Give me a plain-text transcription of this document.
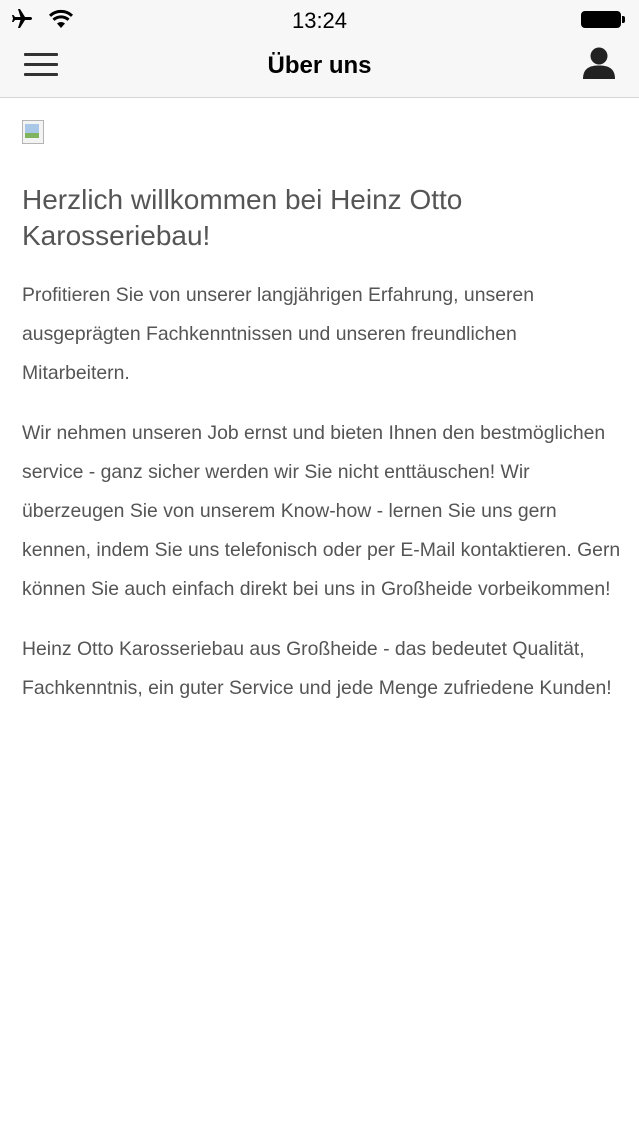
13:24
Über uns
Herzlich willkommen bei Heinz Otto Karosseriebau!

Profitieren Sie von unserer langjährigen Erfahrung, unseren ausgeprägten Fachkenntnissen und unseren freundlichen Mitarbeitern.

Wir nehmen unseren Job ernst und bieten Ihnen den bestmöglichen service - ganz sicher werden wir Sie nicht enttäuschen! Wir überzeugen Sie von unserem Know-how - lernen Sie uns gern kennen, indem Sie uns telefonisch oder per E-Mail kontaktieren. Gern können Sie auch einfach direkt bei uns in Großheide vorbeikommen!

Heinz Otto Karosseriebau aus Großheide - das bedeutet Qualität, Fachkenntnis, ein guter Service und jede Menge zufriedene Kunden!
